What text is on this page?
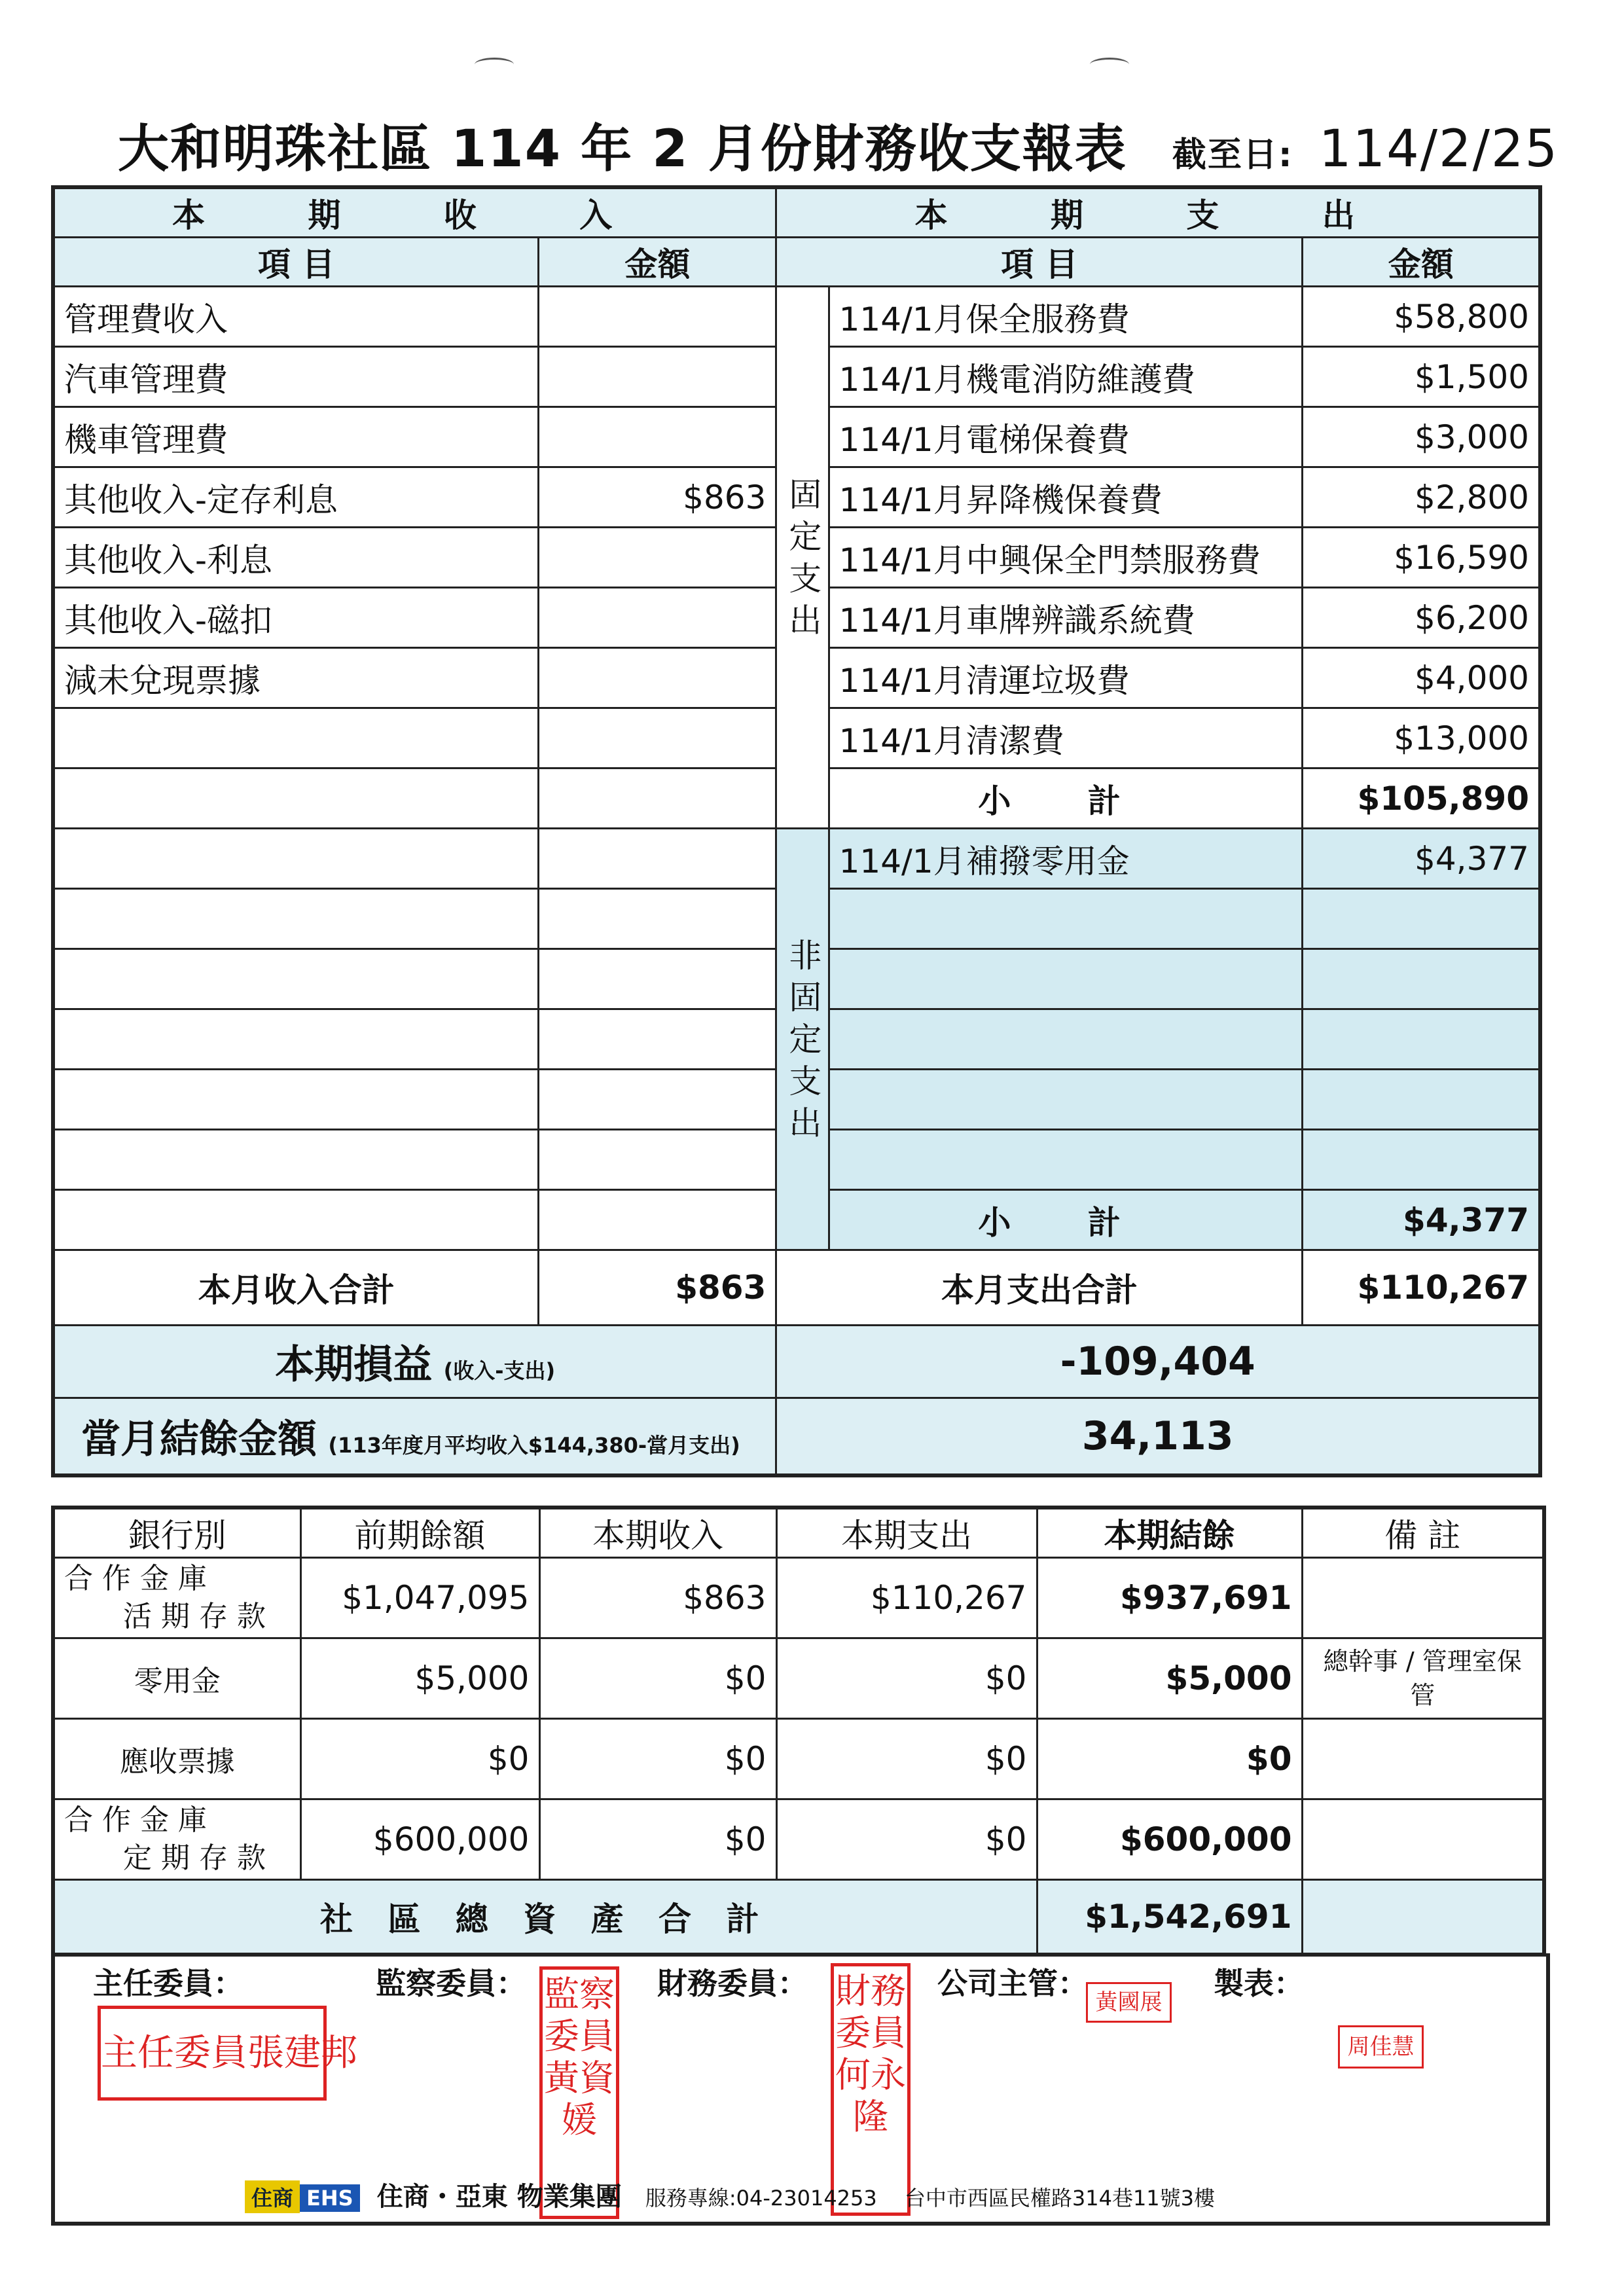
大和明珠社區 114 年 2 月份財務收支報表 截至日: 114/2/25
本 期 收 入		本 期 支 出		
項 目	金額	項 目		金額
管理費收入		固定支出	114/1月保全服務費	$58,800
汽車管理費			114/1月機電消防維護費	$1,500
機車管理費			114/1月電梯保養費	$3,000
其他收入-定存利息	$863		114/1月昇降機保養費	$2,800
其他收入-利息			114/1月中興保全門禁服務費	$16,590
其他收入-磁扣			114/1月車牌辨識系統費	$6,200
減未兌現票據			114/1月清運垃圾費	$4,000
			114/1月清潔費	$13,000
			小 計	$105,890
		非固定支出	114/1月補撥零用金	$4,377

			小 計	$4,377
本月收入合計	$863	本月支出合計		$110,267
本期損益 (收入-支出)		-109,404		
當月結餘金額 (113年度月平均收入$144,380-當月支出)		34,113		
銀行別	前期餘額	本期收入	本期支出	本期結餘	備 註

合 作 金 庫
活 期 存 款	$1,047,095	$863	$110,267	$937,691	
零用金	$5,000	$0	$0	$5,000	總幹事 / 管理室保管
應收票據	$0	$0	$0	$0	

合 作 金 庫
定 期 存 款	$600,000	$0	$0	$600,000	
社 區 總 資 產 合 計				$1,542,691	
主任委員：	監察委員：	財務委員：	公司主管：	製表：
主任委員張建邦
監察委員黃資媛
財務委員何永隆
黃國展
周佳慧
住商 EHS 住商・亞東 物業集團 服務專線:04-23014253 台中市西區民權路314巷11號3樓
